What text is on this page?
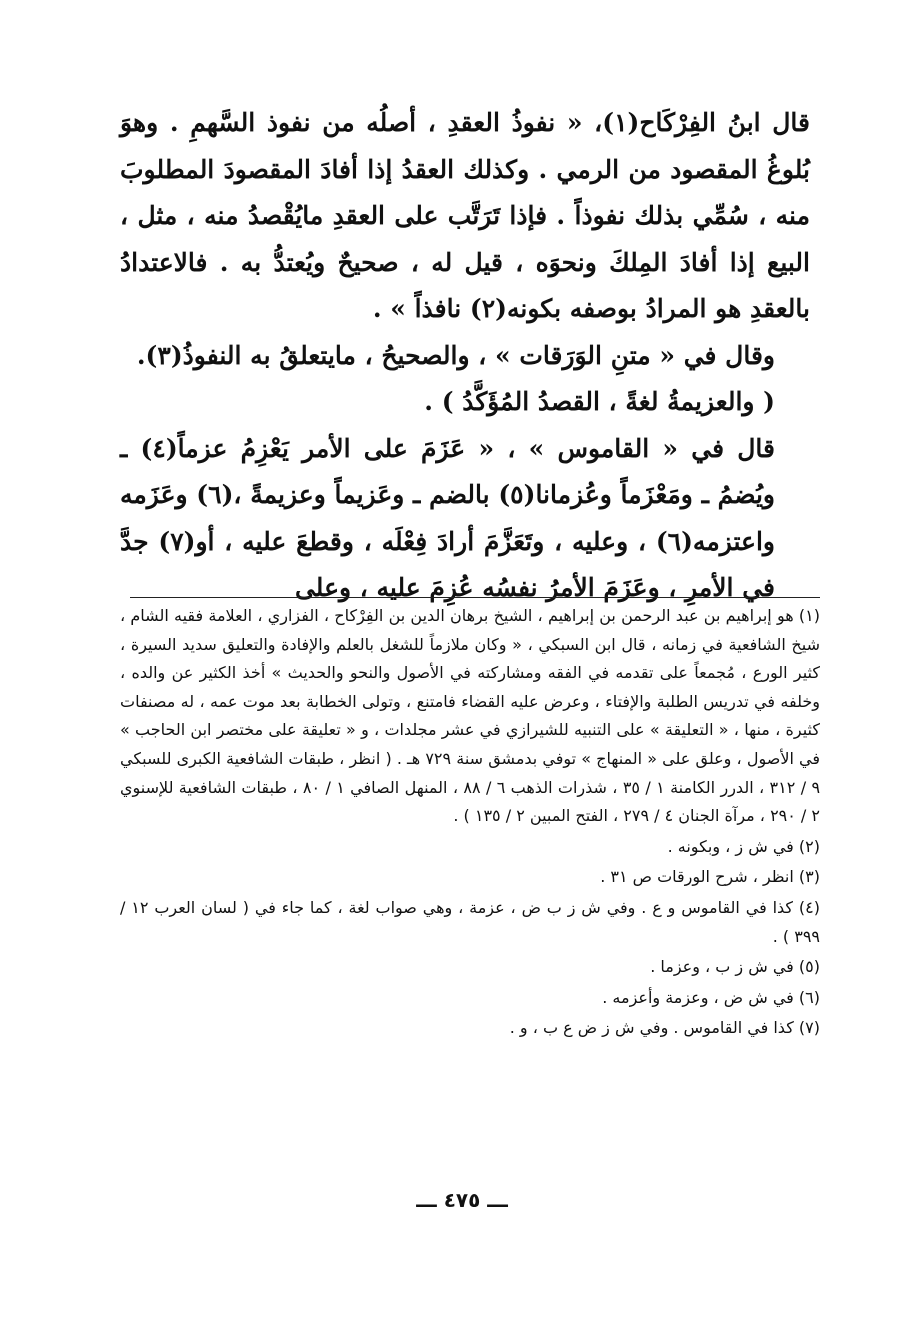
قال ابنُ الفِرْكَاح(١)، « نفوذُ العقدِ ، أصلُه من نفوذ السَّهمِ . وهوَ بُلوغُ المقصود من الرمي . وكذلك العقدُ إذا أفادَ المقصودَ المطلوبَ منه ، سُمِّي بذلك نفوذاً . فإذا تَرَتَّب على العقدِ مايُقْصدُ منه ، مثل ، البيع إذا أفادَ المِلكَ ونحوَه ، قيل له ، صحيحٌ ويُعتدُّ به . فالاعتدادُ بالعقدِ هو المرادُ بوصفه بكونه(٢) نافذاً » .

وقال في « متنِ الوَرَقات » ، والصحيحُ ، مايتعلقُ به النفوذُ(٣).

( والعزيمةُ لغةً ، القصدُ المُؤَكَّدُ ) .

قال في « القاموس » ، « عَزَمَ على الأمر يَعْزِمُ عزماً(٤) ـ ويُضمُ ـ ومَعْزَماً وعُزمانا(٥) بالضم ـ وعَزيماً وعزيمةً ،(٦) وعَزَمه واعتزمه(٦) ، وعليه ، وتَعَزَّمَ أرادَ فِعْلَه ، وقطعَ عليه ، أو(٧) جدَّ في الأمرِ ، وعَزَمَ الأمرُ نفسُه عُزِمَ عليه ، وعلى

(١) هو إبراهيم بن عبد الرحمن بن إبراهيم ، الشيخ برهان الدين بن الفِرْكاح ، الفزاري ، العلامة فقيه الشام ، شيخ الشافعية في زمانه ، قال ابن السبكي ، « وكان ملازماً للشغل بالعلم والإفادة والتعليق سديد السيرة ، كثير الورع ، مُجمعاً على تقدمه في الفقه ومشاركته في الأصول والنحو والحديث » أخذ الكثير عن والده ، وخلفه في تدريس الطلبة والإفتاء ، وعرض عليه القضاء فامتنع ، وتولى الخطابة بعد موت عمه ، له مصنفات كثيرة ، منها ، « التعليقة » على التنبيه للشيرازي في عشر مجلدات ، و « تعليقة على مختصر ابن الحاجب » في الأصول ، وعلق على « المنهاج » توفي بدمشق سنة ٧٢٩ هـ . ( انظر ، طبقات الشافعية الكبرى للسبكي ٩ / ٣١٢ ، الدرر الكامنة ١ / ٣٥ ، شذرات الذهب ٦ / ٨٨ ، المنهل الصافي ١ / ٨٠ ، طبقات الشافعية للإسنوي ٢ / ٢٩٠ ، مرآة الجنان ٤ / ٢٧٩ ، الفتح المبين ٢ / ١٣٥ ) .

(٢) في ش ز ، وبكونه .

(٣) انظر ، شرح الورقات ص ٣١ .

(٤) كذا في القاموس و ع . وفي ش ز ب ض ، عزمة ، وهي صواب لغة ، كما جاء في ( لسان العرب ١٢ / ٣٩٩ ) .

(٥) في ش ز ب ، وعزما .

(٦) في ش ض ، وعزمة وأعزمه .

(٧) كذا في القاموس . وفي ش ز ض ع ب ، و .

ـــ ٤٧٥ ـــ
